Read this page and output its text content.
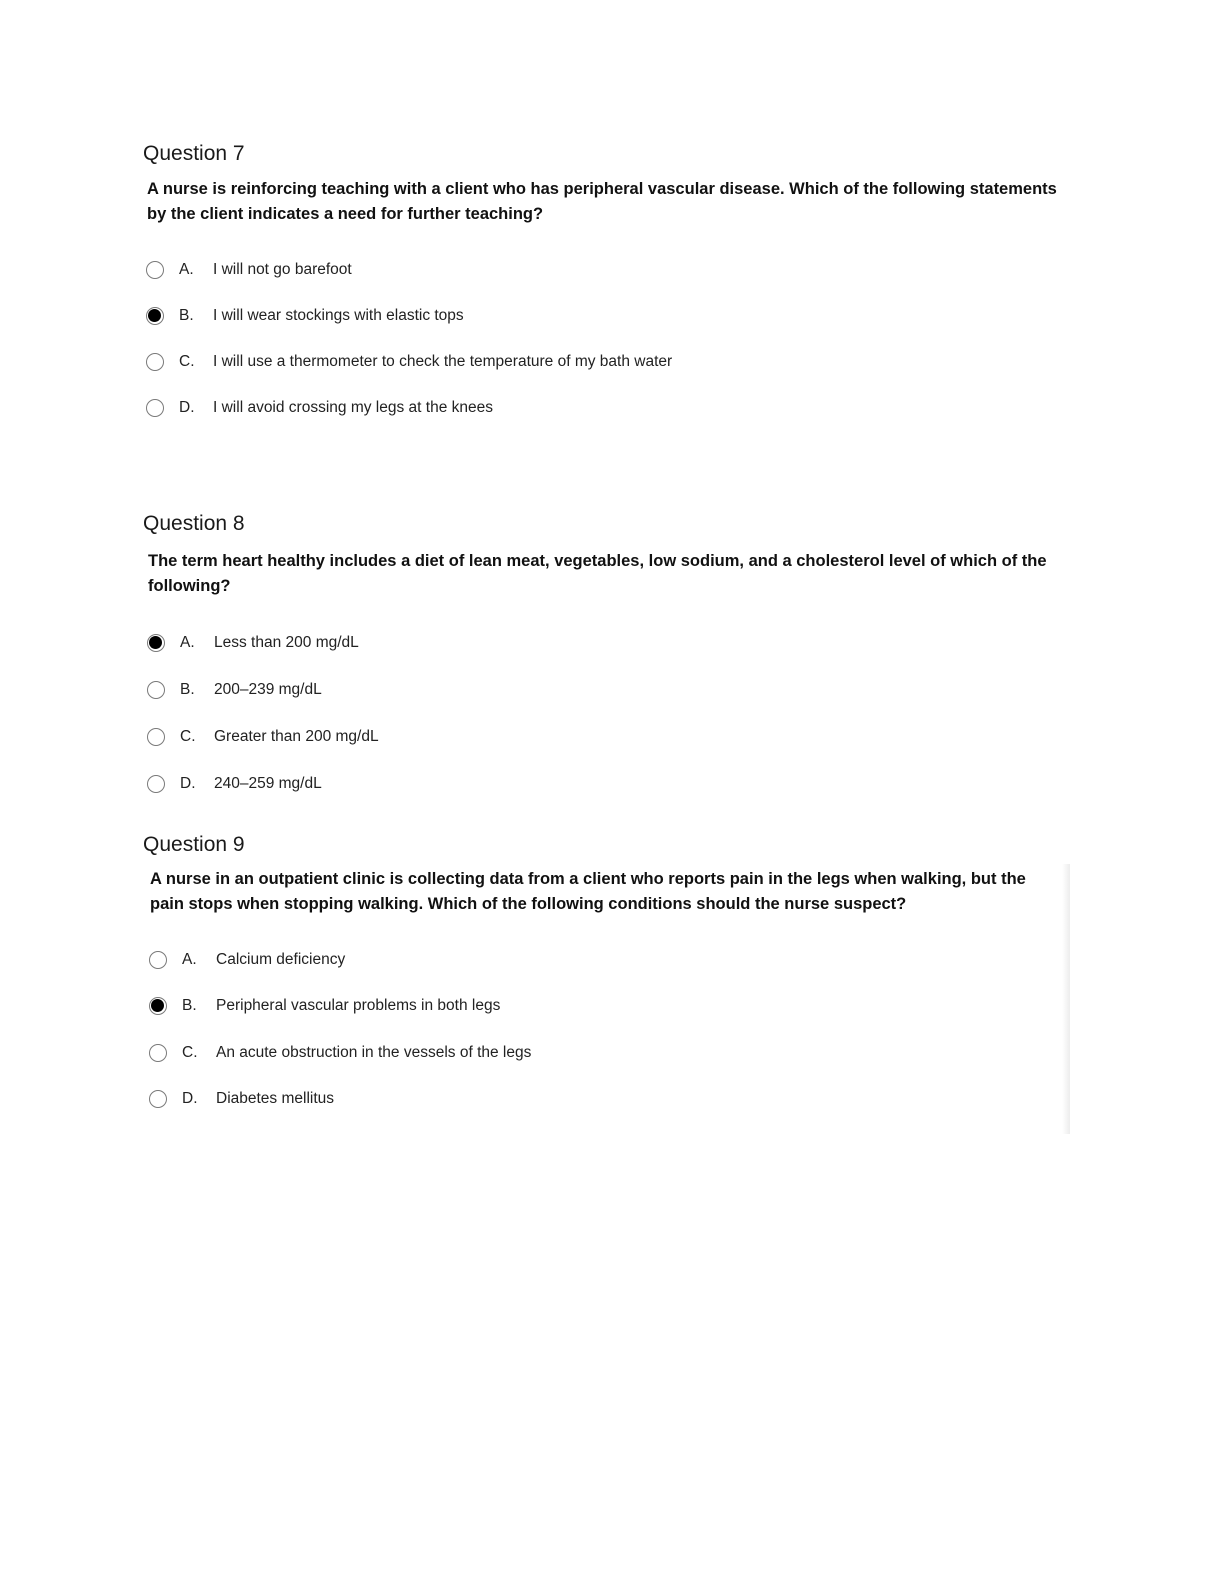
Question 7

A nurse is reinforcing teaching with a client who has peripheral vascular disease. Which of the following statements by the client indicates a need for further teaching?

A.	I will not go barefoot
B.	I will wear stockings with elastic tops
C. I will use a thermometer to check the temperature of my bath water
D. I will avoid crossing my legs at the knees
Question 8

The term heart healthy includes a diet of lean meat, vegetables, low sodium, and a cholesterol level of which of the following?

A.	Less than 200 mg/dL
B.	200–239 mg/dL
C. Greater than 200 mg/dL
D. 240–259 mg/dL
Question 9

A nurse in an outpatient clinic is collecting data from a client who reports pain in the legs when walking, but the pain stops when stopping walking. Which of the following conditions should the nurse suspect?

A.	Calcium deficiency
B.	Peripheral vascular problems in both legs
C. An acute obstruction in the vessels of the legs
D. Diabetes mellitus
